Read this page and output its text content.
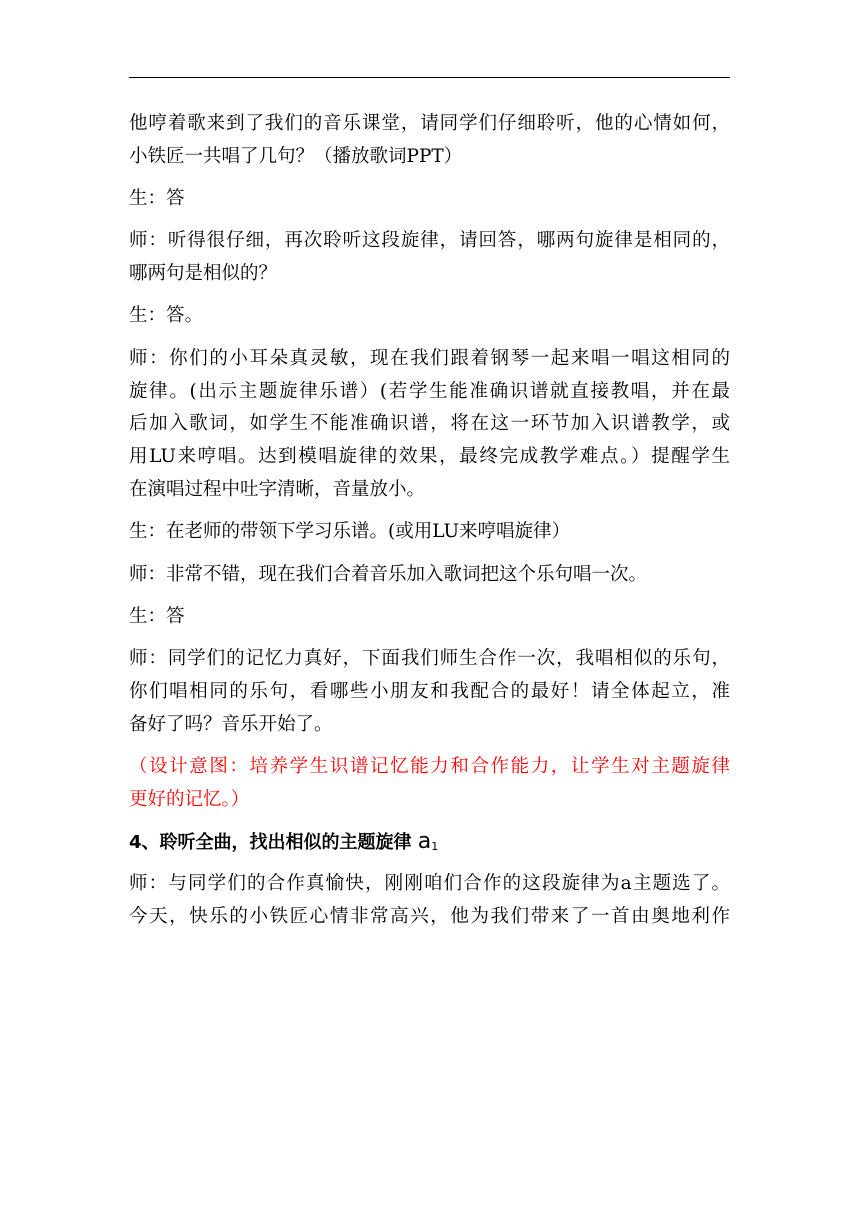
他哼着歌来到了我们的音乐课堂，请同学们仔细聆听，他的心情如何，
小铁匠一共唱了几句？（播放歌词PPT）
生：答
师：听得很仔细，再次聆听这段旋律，请回答，哪两句旋律是相同的，
哪两句是相似的？
生：答。
师：你们的小耳朵真灵敏，现在我们跟着钢琴一起来唱一唱这相同的
旋律。(出示主题旋律乐谱）(若学生能准确识谱就直接教唱，并在最
后加入歌词，如学生不能准确识谱，将在这一环节加入识谱教学，或
用LU来哼唱。达到模唱旋律的效果，最终完成教学难点。）提醒学生
在演唱过程中吐字清晰，音量放小。
生：在老师的带领下学习乐谱。(或用LU来哼唱旋律）
师：非常不错，现在我们合着音乐加入歌词把这个乐句唱一次。
生：答
师：同学们的记忆力真好，下面我们师生合作一次，我唱相似的乐句，
你们唱相同的乐句，看哪些小朋友和我配合的最好！请全体起立，准
备好了吗？音乐开始了。
（设计意图：培养学生识谱记忆能力和合作能力，让学生对主题旋律
更好的记忆。）
4、聆听全曲，找出相似的主题旋律 $a_1$
师：与同学们的合作真愉快，刚刚咱们合作的这段旋律为a主题选了。
今天，快乐的小铁匠心情非常高兴，他为我们带来了一首由奥地利作
